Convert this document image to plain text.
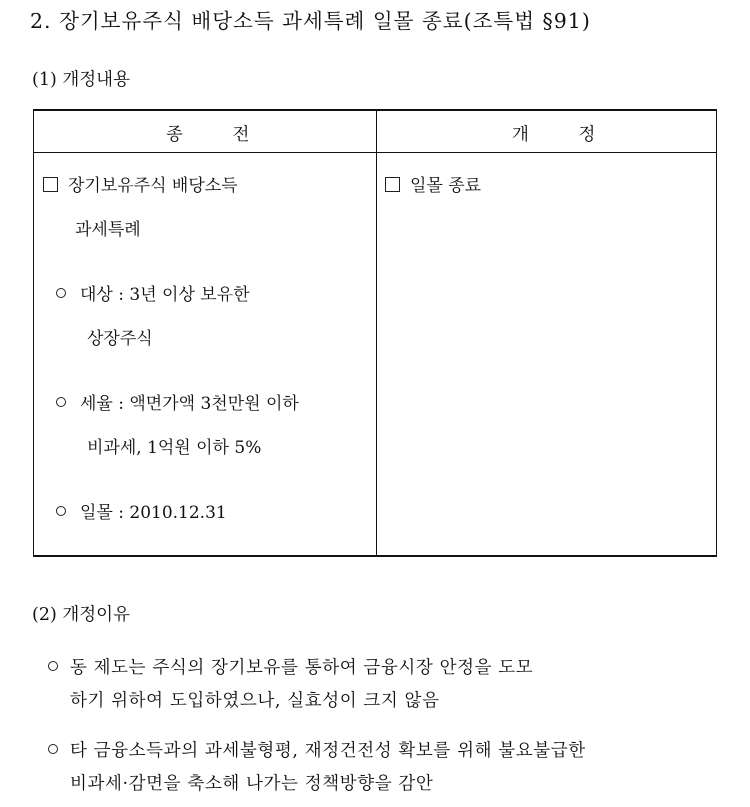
2. 장기보유주식 배당소득 과세특례 일몰 종료(조특법 §91)
(1) 개정내용
종 전	개 정
장기보유주식 배당소득
과세특례
대상 : 3년 이상 보유한
상장주식
세율 : 액면가액 3천만원 이하
비과세, 1억원 이하 5%
일몰 : 2010.12.31
일몰 종료
(2) 개정이유
동 제도는 주식의 장기보유를 통하여 금융시장 안정을 도모
하기 위하여 도입하였으나, 실효성이 크지 않음
타 금융소득과의 과세불형평, 재정건전성 확보를 위해 불요불급한
비과세·감면을 축소해 나가는 정책방향을 감안
